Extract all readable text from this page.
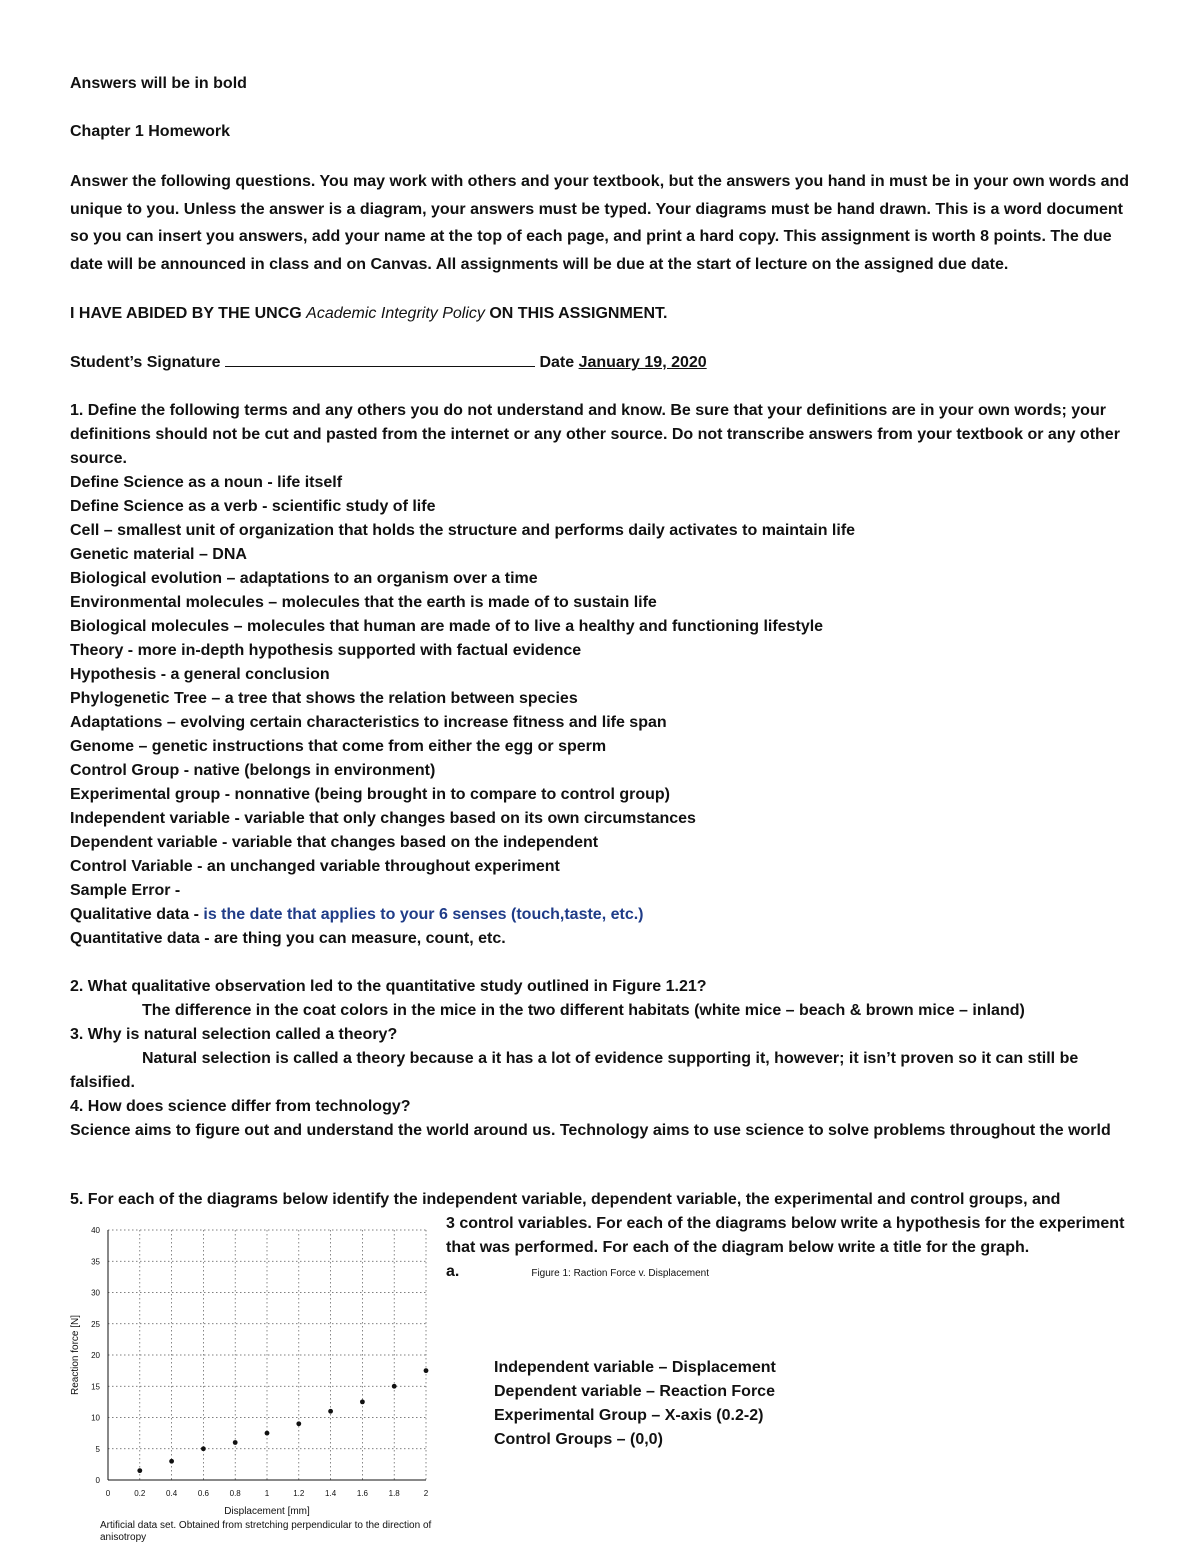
Answers will be in bold

Chapter 1 Homework

Answer the following questions. You may work with others and your textbook, but the answers you hand in must be in your own words and unique to you. Unless the answer is a diagram, your answers must be typed. Your diagrams must be hand drawn. This is a word document so you can insert you answers, add your name at the top of each page, and print a hard copy. This assignment is worth 8 points. The due date will be announced in class and on Canvas. All assignments will be due at the start of lecture on the assigned due date.

I HAVE ABIDED BY THE UNCG Academic Integrity Policy ON THIS ASSIGNMENT.

Student’s Signature	Date January 19, 2020

1. Define the following terms and any others you do not understand and know. Be sure that your definitions are in your own words; your definitions should not be cut and pasted from the internet or any other source. Do not transcribe answers from your textbook or any other source.

Define Science as a noun - life itself

Define Science as a verb - scientific study of life

Cell – smallest unit of organization that holds the structure and performs daily activates to maintain life

Genetic material – DNA

Biological evolution – adaptations to an organism over a time

Environmental molecules – molecules that the earth is made of to sustain life

Biological molecules – molecules that human are made of to live a healthy and functioning lifestyle

Theory - more in-depth hypothesis supported with factual evidence

Hypothesis - a general conclusion

Phylogenetic Tree – a tree that shows the relation between species

Adaptations – evolving certain characteristics to increase fitness and life span

Genome – genetic instructions that come from either the egg or sperm

Control Group - native (belongs in environment)

Experimental group - nonnative (being brought in to compare to control group)

Independent variable - variable that only changes based on its own circumstances

Dependent variable - variable that changes based on the independent

Control Variable - an unchanged variable throughout experiment

Sample Error -

Qualitative data - is the date that applies to your 6 senses (touch,taste, etc.)

Quantitative data - are thing you can measure, count, etc.

2. What qualitative observation led to the quantitative study outlined in Figure 1.21?

The difference in the coat colors in the mice in the two different habitats (white mice – beach & brown mice – inland)

3. Why is natural selection called a theory?

Natural selection is called a theory because a it has a lot of evidence supporting it, however; it isn’t proven so it can still be falsified.

4. How does science differ from technology?

Science aims to figure out and understand the world around us. Technology aims to use science to solve problems throughout the world

5. For each of the diagrams below identify the independent variable, dependent variable, the experimental and control groups, and

3 control variables. For each of the diagrams below write a hypothesis for the experiment that was performed. For each of the diagram below write a title for the graph.

a.	Figure 1: Raction Force v. Displacement

Independent variable – Displacement

Dependent variable – Reaction Force

Experimental Group – X-axis (0.2-2)

Control Groups – (0,0)

0	0.2	0.4	0.6	0.8	1	1.2	1.4	1.6	1.8	2
0
5
10
15
20
25
30
35
40
Displacement [mm]
Reaction force [N]
Artificial data set. Obtained from stretching perpendicular to the direction of anisotropy
